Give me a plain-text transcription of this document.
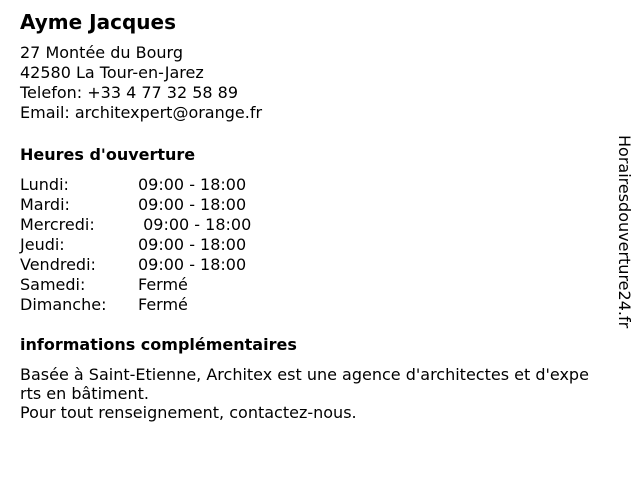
Ayme Jacques
27 Montée du Bourg
42580 La Tour-en-Jarez
Telefon: +33 4 77 32 58 89
Email: architexpert@orange.fr
Heures d'ouverture
Lundi:	09:00 - 18:00
Mardi:	09:00 - 18:00
Mercredi:	09:00 - 18:00
Jeudi:	09:00 - 18:00
Vendredi:	09:00 - 18:00
Samedi:	Fermé
Dimanche:	Fermé
informations complémentaires
Basée à Saint-Etienne, Architex est une agence d'architectes et d'experts en bâtiment.
Pour tout renseignement, contactez-nous.
Horairesdouverture24.fr
